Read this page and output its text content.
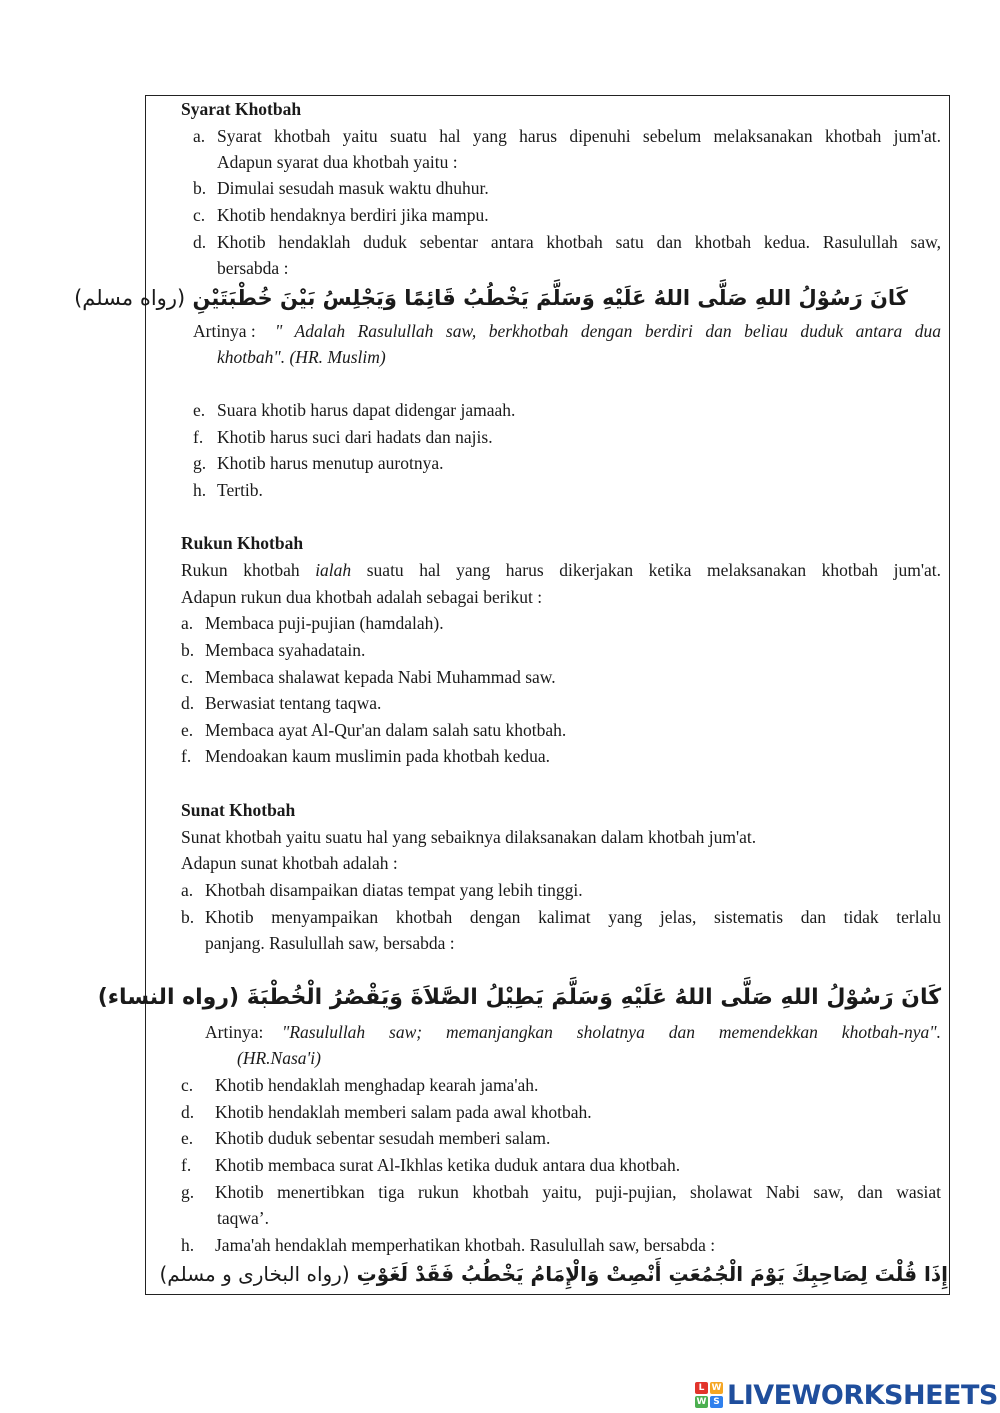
Syarat Khotbah
a. Syarat khotbah yaitu suatu hal yang harus dipenuhi sebelum melaksanakan khotbah jum'at.
Adapun syarat dua khotbah yaitu :
b. Dimulai sesudah masuk waktu dhuhur.
c. Khotib hendaknya berdiri jika mampu.
d. Khotib hendaklah duduk sebentar antara khotbah satu dan khotbah kedua. Rasulullah saw,
bersabda :
كَانَ رَسُوْلُ اللهِ صَلَّى اللهُ عَلَيْهِ وَسَلَّمَ يَخْطُبُ قَائِمًا وَيَجْلِسُ بَيْنَ خُطْبَتَيْنِ (رواه مسلم)
Artinya : " Adalah Rasulullah saw, berkhotbah dengan berdiri dan beliau duduk antara dua
khotbah". (HR. Muslim)
e. Suara khotib harus dapat didengar jamaah.
f. Khotib harus suci dari hadats dan najis.
g. Khotib harus menutup aurotnya.
h. Tertib.
Rukun Khotbah
Rukun khotbah ialah suatu hal yang harus dikerjakan ketika melaksanakan khotbah jum'at.
Adapun rukun dua khotbah adalah sebagai berikut :
a. Membaca puji-pujian (hamdalah).
b. Membaca syahadatain.
c. Membaca shalawat kepada Nabi Muhammad saw.
d. Berwasiat tentang taqwa.
e. Membaca ayat Al-Qur'an dalam salah satu khotbah.
f. Mendoakan kaum muslimin pada khotbah kedua.
Sunat Khotbah
Sunat khotbah yaitu suatu hal yang sebaiknya dilaksanakan dalam khotbah jum'at.
Adapun sunat khotbah adalah :
a. Khotbah disampaikan diatas tempat yang lebih tinggi.
b. Khotib menyampaikan khotbah dengan kalimat yang jelas, sistematis dan tidak terlalu
panjang. Rasulullah saw, bersabda :
كَانَ رَسُوْلُ اللهِ صَلَّى اللهُ عَلَيْهِ وَسَلَّمَ يَطِيْلُ الصَّلاَةَ وَيَقْصُرُ الْخُطْبَةَ (رواه النساء)
Artinya: "Rasulullah saw; memanjangkan sholatnya dan memendekkan khotbah-nya".
(HR.Nasa'i)
c. Khotib hendaklah menghadap kearah jama'ah.
d. Khotib hendaklah memberi salam pada awal khotbah.
e. Khotib duduk sebentar sesudah memberi salam.
f. Khotib membaca surat Al-Ikhlas ketika duduk antara dua khotbah.
g. Khotib menertibkan tiga rukun khotbah yaitu, puji-pujian, sholawat Nabi saw, dan wasiat
taqwa’.
h. Jama'ah hendaklah memperhatikan khotbah. Rasulullah saw, bersabda :
إِذَا قُلْتَ لِصَاحِبِكَ يَوْمَ الْجُمُعَتِ أَنْصِتْ وَالْإِمَامُ يَخْطُبُ فَقَدْ لَغَوْتِ (رواه البخارى و مسلم)
L W
W S LIVEWORKSHEETS
